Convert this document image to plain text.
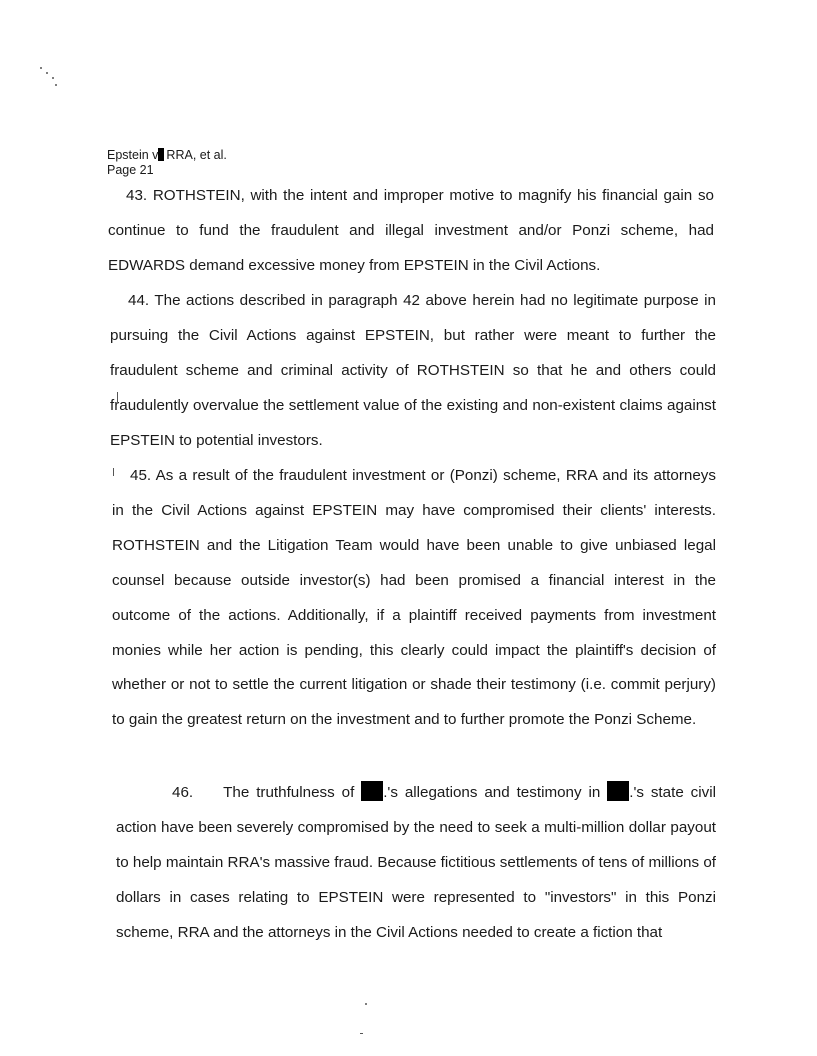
Epstein v RRA, et al.
Page 21
43. ROTHSTEIN, with the intent and improper motive to magnify his financial gain so continue to fund the fraudulent and illegal investment and/or Ponzi scheme, had EDWARDS demand excessive money from EPSTEIN in the Civil Actions.
44. The actions described in paragraph 42 above herein had no legitimate purpose in pursuing the Civil Actions against EPSTEIN, but rather were meant to further the fraudulent scheme and criminal activity of ROTHSTEIN so that he and others could fraudulently overvalue the settlement value of the existing and non-existent claims against EPSTEIN to potential investors.
45. As a result of the fraudulent investment or (Ponzi) scheme, RRA and its attorneys in the Civil Actions against EPSTEIN may have compromised their clients' interests. ROTHSTEIN and the Litigation Team would have been unable to give unbiased legal counsel because outside investor(s) had been promised a financial interest in the outcome of the actions. Additionally, if a plaintiff received payments from investment monies while her action is pending, this clearly could impact the plaintiff's decision of whether or not to settle the current litigation or shade their testimony (i.e. commit perjury) to gain the greatest return on the investment and to further promote the Ponzi Scheme.
46. The truthfulness of .'s allegations and testimony in .'s state civil action have been severely compromised by the need to seek a multi-million dollar payout to help maintain RRA's massive fraud. Because fictitious settlements of tens of millions of dollars in cases relating to EPSTEIN were represented to "investors" in this Ponzi scheme, RRA and the attorneys in the Civil Actions needed to create a fiction that
